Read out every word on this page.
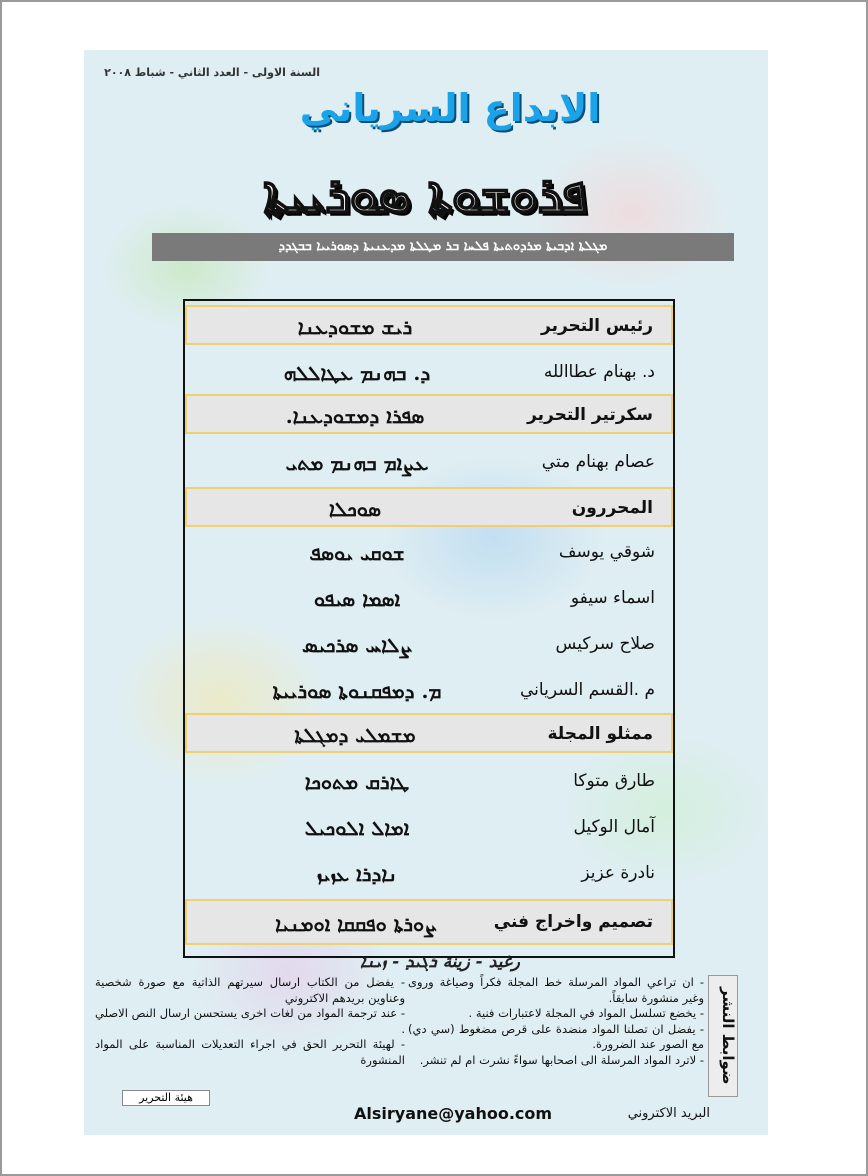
السنة الاولى - العدد الثاني - شباط ٢٠٠٨
الابداع السرياني
ܦܪܘܫܘܬܐ ܣܘܪܝܝܬܐ
ܡܓܠܬܐ ܐܕܒܝܬܐ ܡܪܕܘܬܝܬܐ ܦܠܚܐ ܒܪ ܡܛܠܬܐ ܡܕܥܢܝܬܐ ܕܣܘܪܝܝܐ ܒܒܓܕܕ
ܪܝܫ ܡܫܘܕܥܢܐ	رئيس التحرير
ܕ. ܒܗܢܡ ܥܛܐܠܠܗ	د. بهنام عطاالله
ܣܦܪܐ ܕܡܫܘܕܥܢܐ.	سكرتير التحرير
ܥܨܐܡ ܒܗܢܡ ܡܬܝ	عصام بهنام متي
ܣܘܟܠܐ	المحررون
ܫܘܩܝ ܝܘܣܦ	شوقي يوسف
ܐܣܡܐ ܣܝܦܘ	اسماء سيفو
ܨܠܐܚ ܣܪܟܝܣ	صلاح سركيس
ܡ. ܕܡܦܩܢܘܬܐ ܣܘܪܝܝܬܐ	م .القسم السرياني
ܡܫܡܠܝ ܕܡܓܠܬܐ	ممثلو المجلة
ܛܐܪܩ ܡܬܘܟܐ	طارق متوكا
ܐܡܐܠ ܐܠܘܟܝܠ	آمال الوكيل
ܢܐܕܪܐ ܥܙܝܙ	نادرة عزيز
ܨܘܪܬܐ ܘܦܩܩܐ ܐܘܡܢܝܐ	تصميم واخراج فني
رغيد - زينة ܪܓܝܕ - ܙܝܢܐ
ضوابط النشر

- ان تراعي المواد المرسلة خط المجلة فكراً وصياغة وروى وغير منشورة سابقاً.

- يخضع تسلسل المواد في المجلة لاعتبارات فنية .

- يفضل ان تصلنا المواد منضدة على قرص مضغوط (سي دي) مع الصور عند الضرورة.

- لاترد المواد المرسلة الى اصحابها سواءً نشرت ام لم تنشر.

- يفضل من الكتاب ارسال سيرتهم الذاتية مع صورة شخصية وعناوين بريدهم الاكتروني

- عند ترجمة المواد من لغات اخرى يستحسن ارسال النص الاصلي .

- لهيئة التحرير الحق في اجراء التعديلات المناسبة على المواد المنشورة

هيئة التحرير
البريد الاكتروني
Alsiryane@yahoo.com
